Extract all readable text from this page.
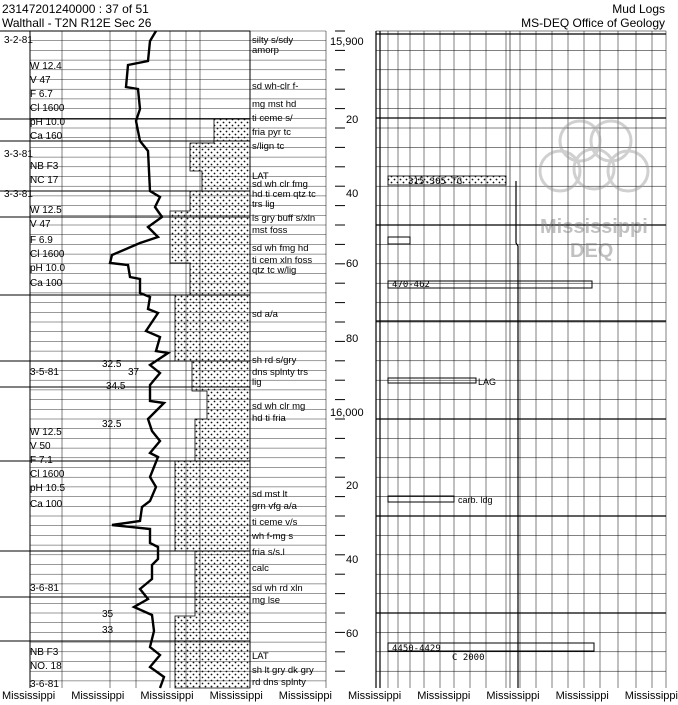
23147201240000 : 37 of 51
Walthall - T2N R12E Sec 26
Mud Logs
MS-DEQ Office of Geology
3-2-81
W 12.4
V 47
F 6.7
Cl 1600
pH 10.0
Ca 160
3-3-81
NB F3
NC 17
3-3-81
W 12.5
V 47
F 6.9
Cl 1600
pH 10.0
Ca 100
3-5-81
32.5
37
34.5
32.5
W 12.5
V 50
F 7.1
Cl 1600
pH 10.5
Ca 100
3-6-81
35
33
NB F3
NO. 18
3-6-81
silty s/sdy
amorp
sd wh-clr f-
mg mst hd
ti ceme s/
fria pyr tc
s/lign tc
LAT
sd wh clr fmg
hd ti cem qtz tc
trs lig
ls gry buff s/xln
mst foss
sd wh fmg hd
ti cem xln foss
qtz tc w/lig
sd a/a
sh rd s/gry
dns splnty trs
lig
sd wh clr mg
hd ti fria
sd mst lt
grn vfg a/a
ti ceme v/s
wh f-mg s
fria s/s.l
calc
sd wh rd xln
mg lse
LAT
sh lt gry dk gry
rd dns splnty
15,900
20
40
60
80
16,000
20
40
60
315-305 TG
470-462
LAG
carb. ldg
4450-4429
C 2000
Mississippi
DEQ
Mississippi Mississippi Mississippi Mississippi Mississippi Mississippi Mississippi Mississippi Mississippi Mississippi
